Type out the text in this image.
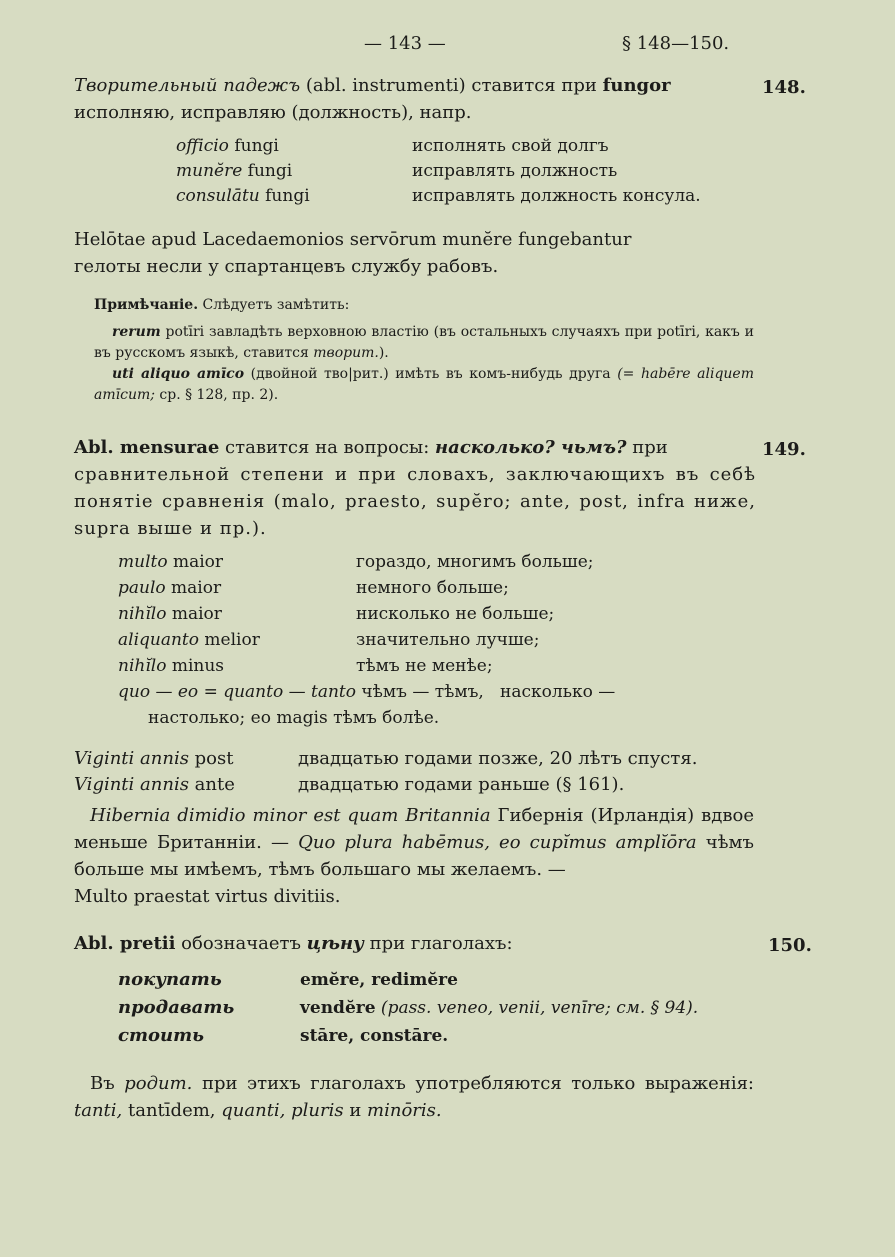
— 143 —	§ 148—150.
148.

Творительный падежъ (abl. instrumenti) ставится при fungor

исполняю, исправляю (должность), напр.

officio fungi	исполнять свой долгъ
munĕre fungi	исправлять должность
consulātu fungi	исправлять должность консула.

Helōtae apud Lacedaemonios servōrum munĕre fungebantur

гелоты несли у спартанцевъ службу рабовъ.

Примѣчаніе. Слѣдуетъ замѣтить:

rerum potīri завладѣть верховною властію (въ остальныхъ случаяхъ при potīri, какъ и въ русскомъ языкѣ, ставится твopит.).

uti aliquo amīco (двойной тво|рит.) имѣть въ комъ-нибудь друга (= habēre aliquem amīcum; ср. § 128, пр. 2).

149.

Abl. mensurae ставится на вопросы: насколько? чьмъ? при

сравнительной степени и при словахъ, заключающихъ въ себѣ понятіе сравненія (malo, praesto, supĕro; ante, post, infra ниже, supra выше и пр.).

multo maior	гораздо, многимъ больше;
paulo maior	немного больше;
nihĭlo maior	нисколько не больше;
aliquanto melior	значительно лучше;
nihĭlo minus	тѣмъ не менѣе;
quo — eo = quanto — tanto чѣмъ — тѣмъ,   насколько —
настолько; eo magis тѣмъ болѣе.
Viginti annis post	двадцатью годами позже, 20 лѣтъ спустя.
Viginti annis ante	двадцатью годами раньше (§ 161).

Hibernia dimidio minor est quam Britannia Гибернія (Ирландія) вдвое меньше Британніи. — Quo plura habēmus, eo cupĭmus amplĭōra чѣмъ больше мы имѣемъ, тѣмъ большаго мы желаемъ. —

Multo praestat virtus divitiis.

150.

Abl. pretii обозначаетъ цѣну при глаголахъ:

покупать	emĕre, redimĕre
продавать	vendĕre (pass. veneo, venii, venīre; см. § 94).
стоить	stāre, constāre.

Въ родит. при этихъ глаголахъ употребляются только выраженія: tanti, tantīdem, quanti, pluris и minōris.
